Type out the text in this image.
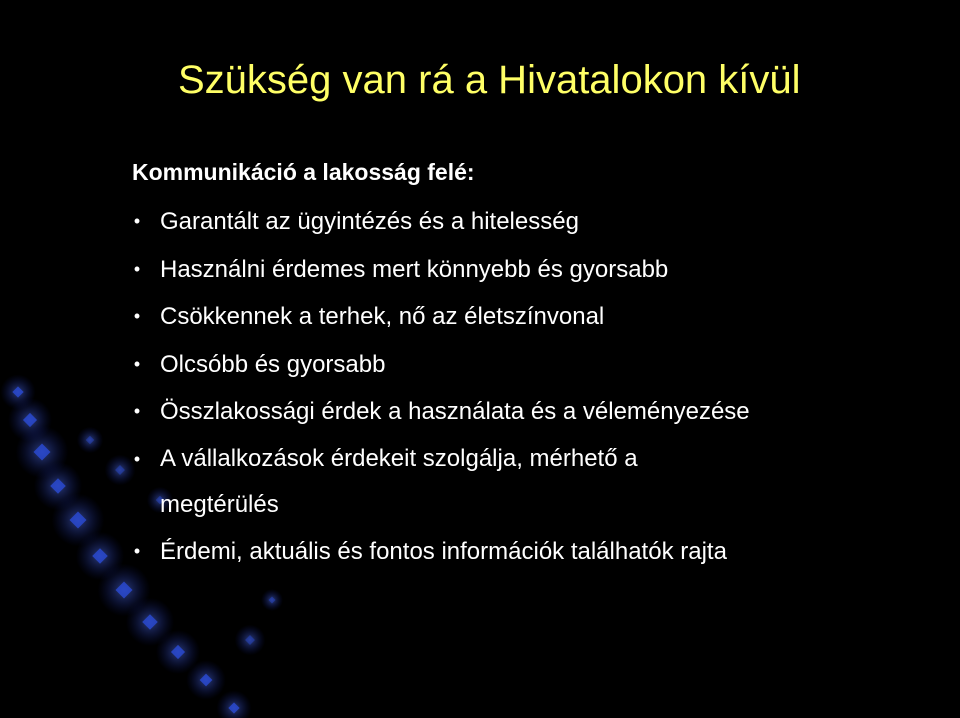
Szükség van rá a Hivatalokon kívül
Kommunikáció a lakosság felé:
• Garantált az ügyintézés és a hitelesség
• Használni érdemes mert könnyebb és gyorsabb
• Csökkennek a terhek, nő az életszínvonal
• Olcsóbb és gyorsabb
• Összlakossági érdek a használata és a véleményezése
• A vállalkozások érdekeit szolgálja, mérhető a
megtérülés
• Érdemi, aktuális és fontos információk találhatók rajta
